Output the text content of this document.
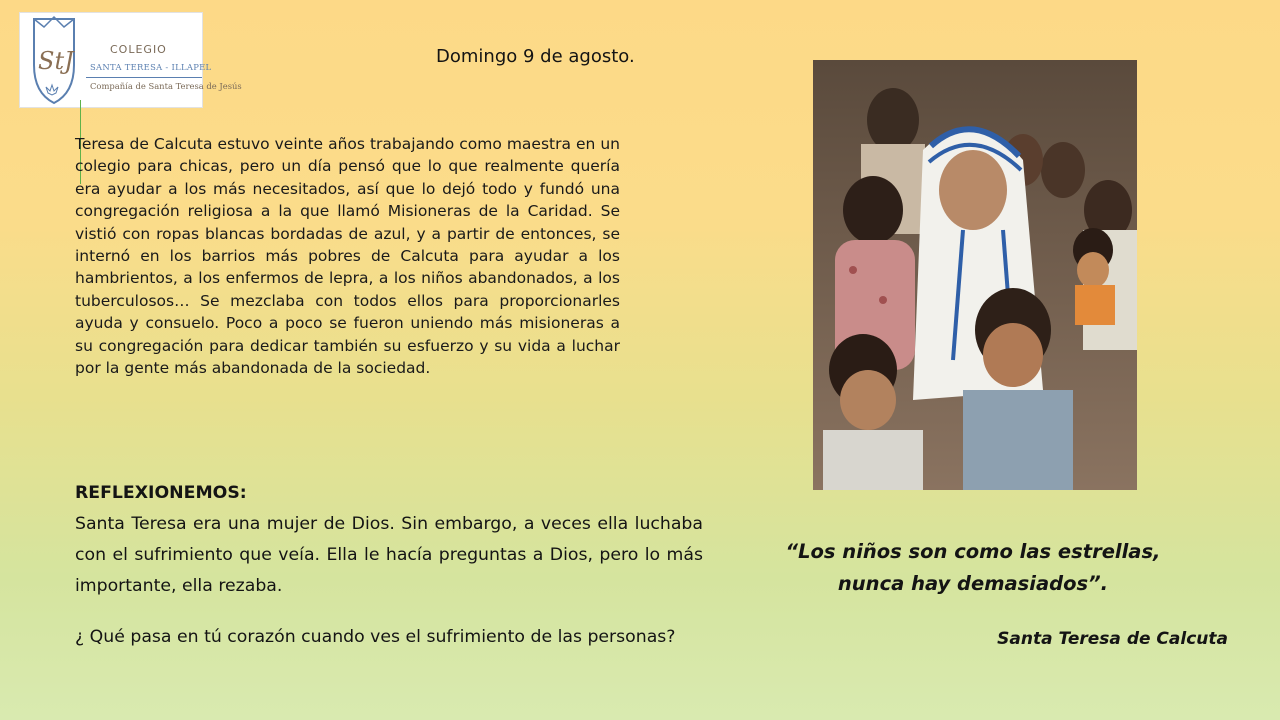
StJ	COLEGIO
SANTA TERESA - ILLAPEL
Compañía de Santa Teresa de Jesús
Domingo 9 de agosto.

Teresa de Calcuta estuvo veinte años trabajando como maestra en un colegio para chicas, pero un día pensó que lo que realmente quería era ayudar a los más necesitados, así que lo dejó todo y fundó una congregación religiosa a la que llamó Misioneras de la Caridad. Se vistió con ropas blancas bordadas de azul, y a partir de entonces, se internó en los barrios más pobres de Calcuta para ayudar a los hambrientos, a los enfermos de lepra, a los niños abandonados, a los tuberculosos… Se mezclaba con todos ellos para proporcionarles ayuda y consuelo. Poco a poco se fueron uniendo más misioneras a su congregación para dedicar también su esfuerzo y su vida a luchar por la gente más abandonada de la sociedad.

REFLEXIONEMOS:

Santa Teresa era una mujer de Dios. Sin embargo, a veces ella luchaba con el sufrimiento que veía. Ella le hacía preguntas a Dios, pero lo más importante, ella rezaba.

¿ Qué pasa en tú corazón cuando ves el sufrimiento de las personas?

“Los niños son como las estrellas,
nunca hay demasiados”.
Santa Teresa de Calcuta
